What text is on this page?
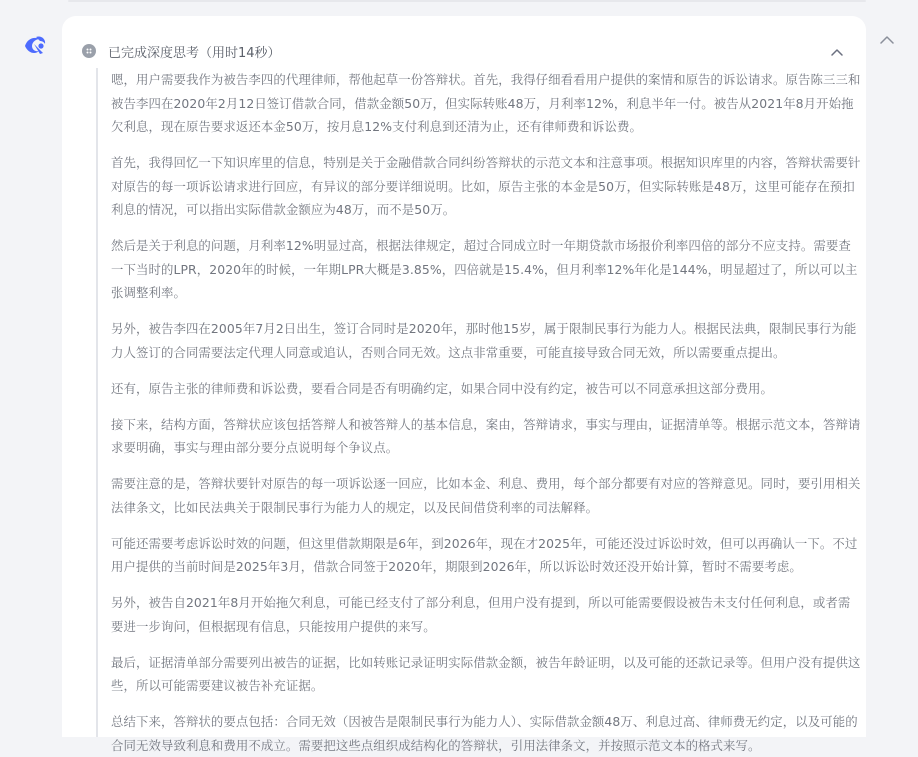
已完成深度思考（用时14秒）

嗯，用户需要我作为被告李四的代理律师，帮他起草一份答辩状。首先，我得仔细看看用户提供的案情和原告的诉讼请求。原告陈三三和被告李四在2020年2月12日签订借款合同，借款金额50万，但实际转账48万，月利率12%，利息半年一付。被告从2021年8月开始拖欠利息，现在原告要求返还本金50万，按月息12%支付利息到还清为止，还有律师费和诉讼费。

首先，我得回忆一下知识库里的信息，特别是关于金融借款合同纠纷答辩状的示范文本和注意事项。根据知识库里的内容，答辩状需要针对原告的每一项诉讼请求进行回应，有异议的部分要详细说明。比如，原告主张的本金是50万，但实际转账是48万，这里可能存在预扣利息的情况，可以指出实际借款金额应为48万，而不是50万。

然后是关于利息的问题，月利率12%明显过高，根据法律规定，超过合同成立时一年期贷款市场报价利率四倍的部分不应支持。需要查一下当时的LPR，2020年的时候，一年期LPR大概是3.85%，四倍就是15.4%，但月利率12%年化是144%，明显超过了，所以可以主张调整利率。

另外，被告李四在2005年7月2日出生，签订合同时是2020年，那时他15岁，属于限制民事行为能力人。根据民法典，限制民事行为能力人签订的合同需要法定代理人同意或追认，否则合同无效。这点非常重要，可能直接导致合同无效，所以需要重点提出。

还有，原告主张的律师费和诉讼费，要看合同是否有明确约定，如果合同中没有约定，被告可以不同意承担这部分费用。

接下来，结构方面，答辩状应该包括答辩人和被答辩人的基本信息，案由，答辩请求，事实与理由，证据清单等。根据示范文本，答辩请求要明确，事实与理由部分要分点说明每个争议点。

需要注意的是，答辩状要针对原告的每一项诉讼逐一回应，比如本金、利息、费用，每个部分都要有对应的答辩意见。同时，要引用相关法律条文，比如民法典关于限制民事行为能力人的规定，以及民间借贷利率的司法解释。

可能还需要考虑诉讼时效的问题，但这里借款期限是6年，到2026年，现在才2025年，可能还没过诉讼时效，但可以再确认一下。不过用户提供的当前时间是2025年3月，借款合同签于2020年，期限到2026年，所以诉讼时效还没开始计算，暂时不需要考虑。

另外，被告自2021年8月开始拖欠利息，可能已经支付了部分利息，但用户没有提到，所以可能需要假设被告未支付任何利息，或者需要进一步询问，但根据现有信息，只能按用户提供的来写。

最后，证据清单部分需要列出被告的证据，比如转账记录证明实际借款金额，被告年龄证明，以及可能的还款记录等。但用户没有提供这些，所以可能需要建议被告补充证据。

总结下来，答辩状的要点包括：合同无效（因被告是限制民事行为能力人）、实际借款金额48万、利息过高、律师费无约定，以及可能的合同无效导致利息和费用不成立。需要把这些点组织成结构化的答辩状，引用法律条文，并按照示范文本的格式来写。
